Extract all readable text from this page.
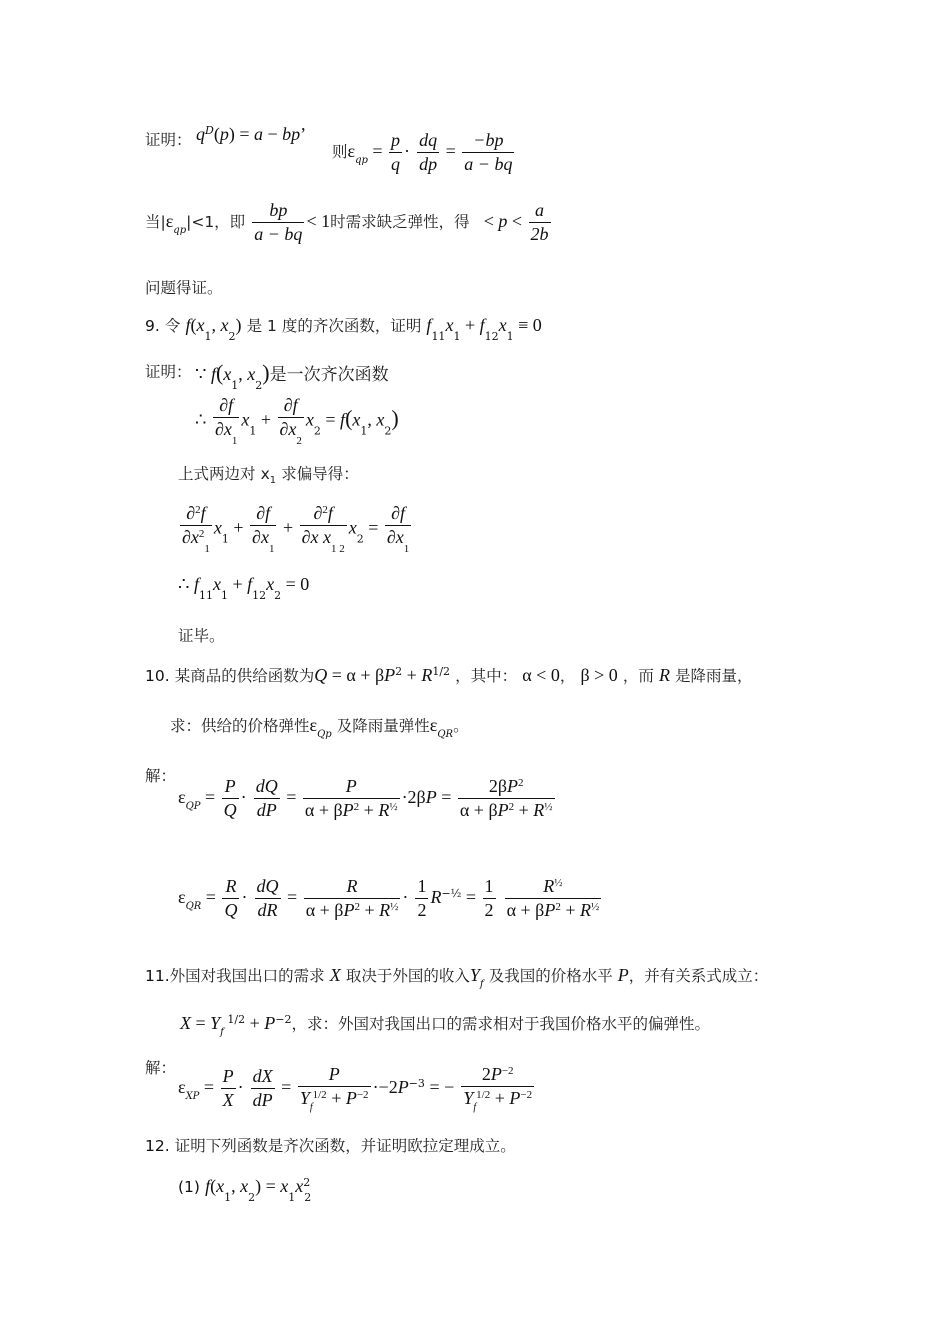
证明： $q^D(p) = a$ − bp’
则$\varepsilon_{qp} = \frac{p}{q} \cdot \frac{dq}{dp} = \frac{-bp}{a - bq}$
当$|\varepsilon_{qp}|<1$，即 $\frac{bp}{a - bq} < 1$时需求缺乏弹性，得   < $p < \frac{a}{2b}$
问题得证。
9. 令 $f(x_1$, $x_2$) 是 1 度的齐次函数，证明 $f_{11}x_1 + f_{12}x_1 \equiv 0$
证明： ∵ $f(x_1$, $x_2$)是一次齐次函数
∴ $\frac{\partial f}{\partial x_1} x_1 + \frac{\partial f}{\partial x_2} x_2 = f(x_1$, $x_2$)
上式两边对 $x_1$ 求偏导得：
$\frac{\partial^2f}{\partial x^2_1} x_1 + \frac{\partial f}{\partial x_1} + \frac{\partial^2f}{\partial x x_{1 2}} x_2 = \frac{\partial f}{\partial x_1}$
∴ $f_{11}x_1 + f_{12}x_2 = 0$
证毕。
10. 某商品的供给函数为$Q = \alpha + \beta P^2 + R^{1/2}$ ，其中： α < 0， β > 0 ，而 R 是降雨量，
求：供给的价格弹性$\varepsilon_{Qp}$ 及降雨量弹性$\varepsilon_{QR}$。
解：
$\varepsilon_{QP} = \frac{P}{Q} \cdot \frac{dQ}{dP} = \frac{P}{\alpha + \beta P^2 + R^{\frac{1}{2}}} \cdot 2\beta P = \frac{2\beta P^2}{\alpha + \beta P^2 + R^{\frac{1}{2}}}$
$\varepsilon_{QR} = \frac{R}{Q} \cdot \frac{dQ}{dR} = \frac{R}{\alpha + \beta P^2 + R^{\frac{1}{2}}} \cdot \frac{1}{2} R^{-\frac{1}{2}} = \frac{1}{2}$
$\frac{R^{\frac{1}{2}}}{\alpha + \beta P^2 + R^{\frac{1}{2}}}$
11.外国对我国出口的需求 X 取决于外国的收入$Y_f$ 及我国的价格水平 P，并有关系式成立：
$X = Y_f$ $^{1/2} + P^{-2}$，求：外国对我国出口的需求相对于我国价格水平的偏弹性。
解：
$\varepsilon_{XP} = \frac{P}{X} \cdot \frac{dX}{dP} = \frac{P}{Y_f^{1/2} + P^{-2}} \cdot-2P^{-3}$ = − $\frac{2P^{-2}}{Y_f^{1/2} + P^{-2}}$
12. 证明下列函数是齐次函数，并证明欧拉定理成立。
(1) $f(x_1$, $x_2) = x_1x^2_2$
